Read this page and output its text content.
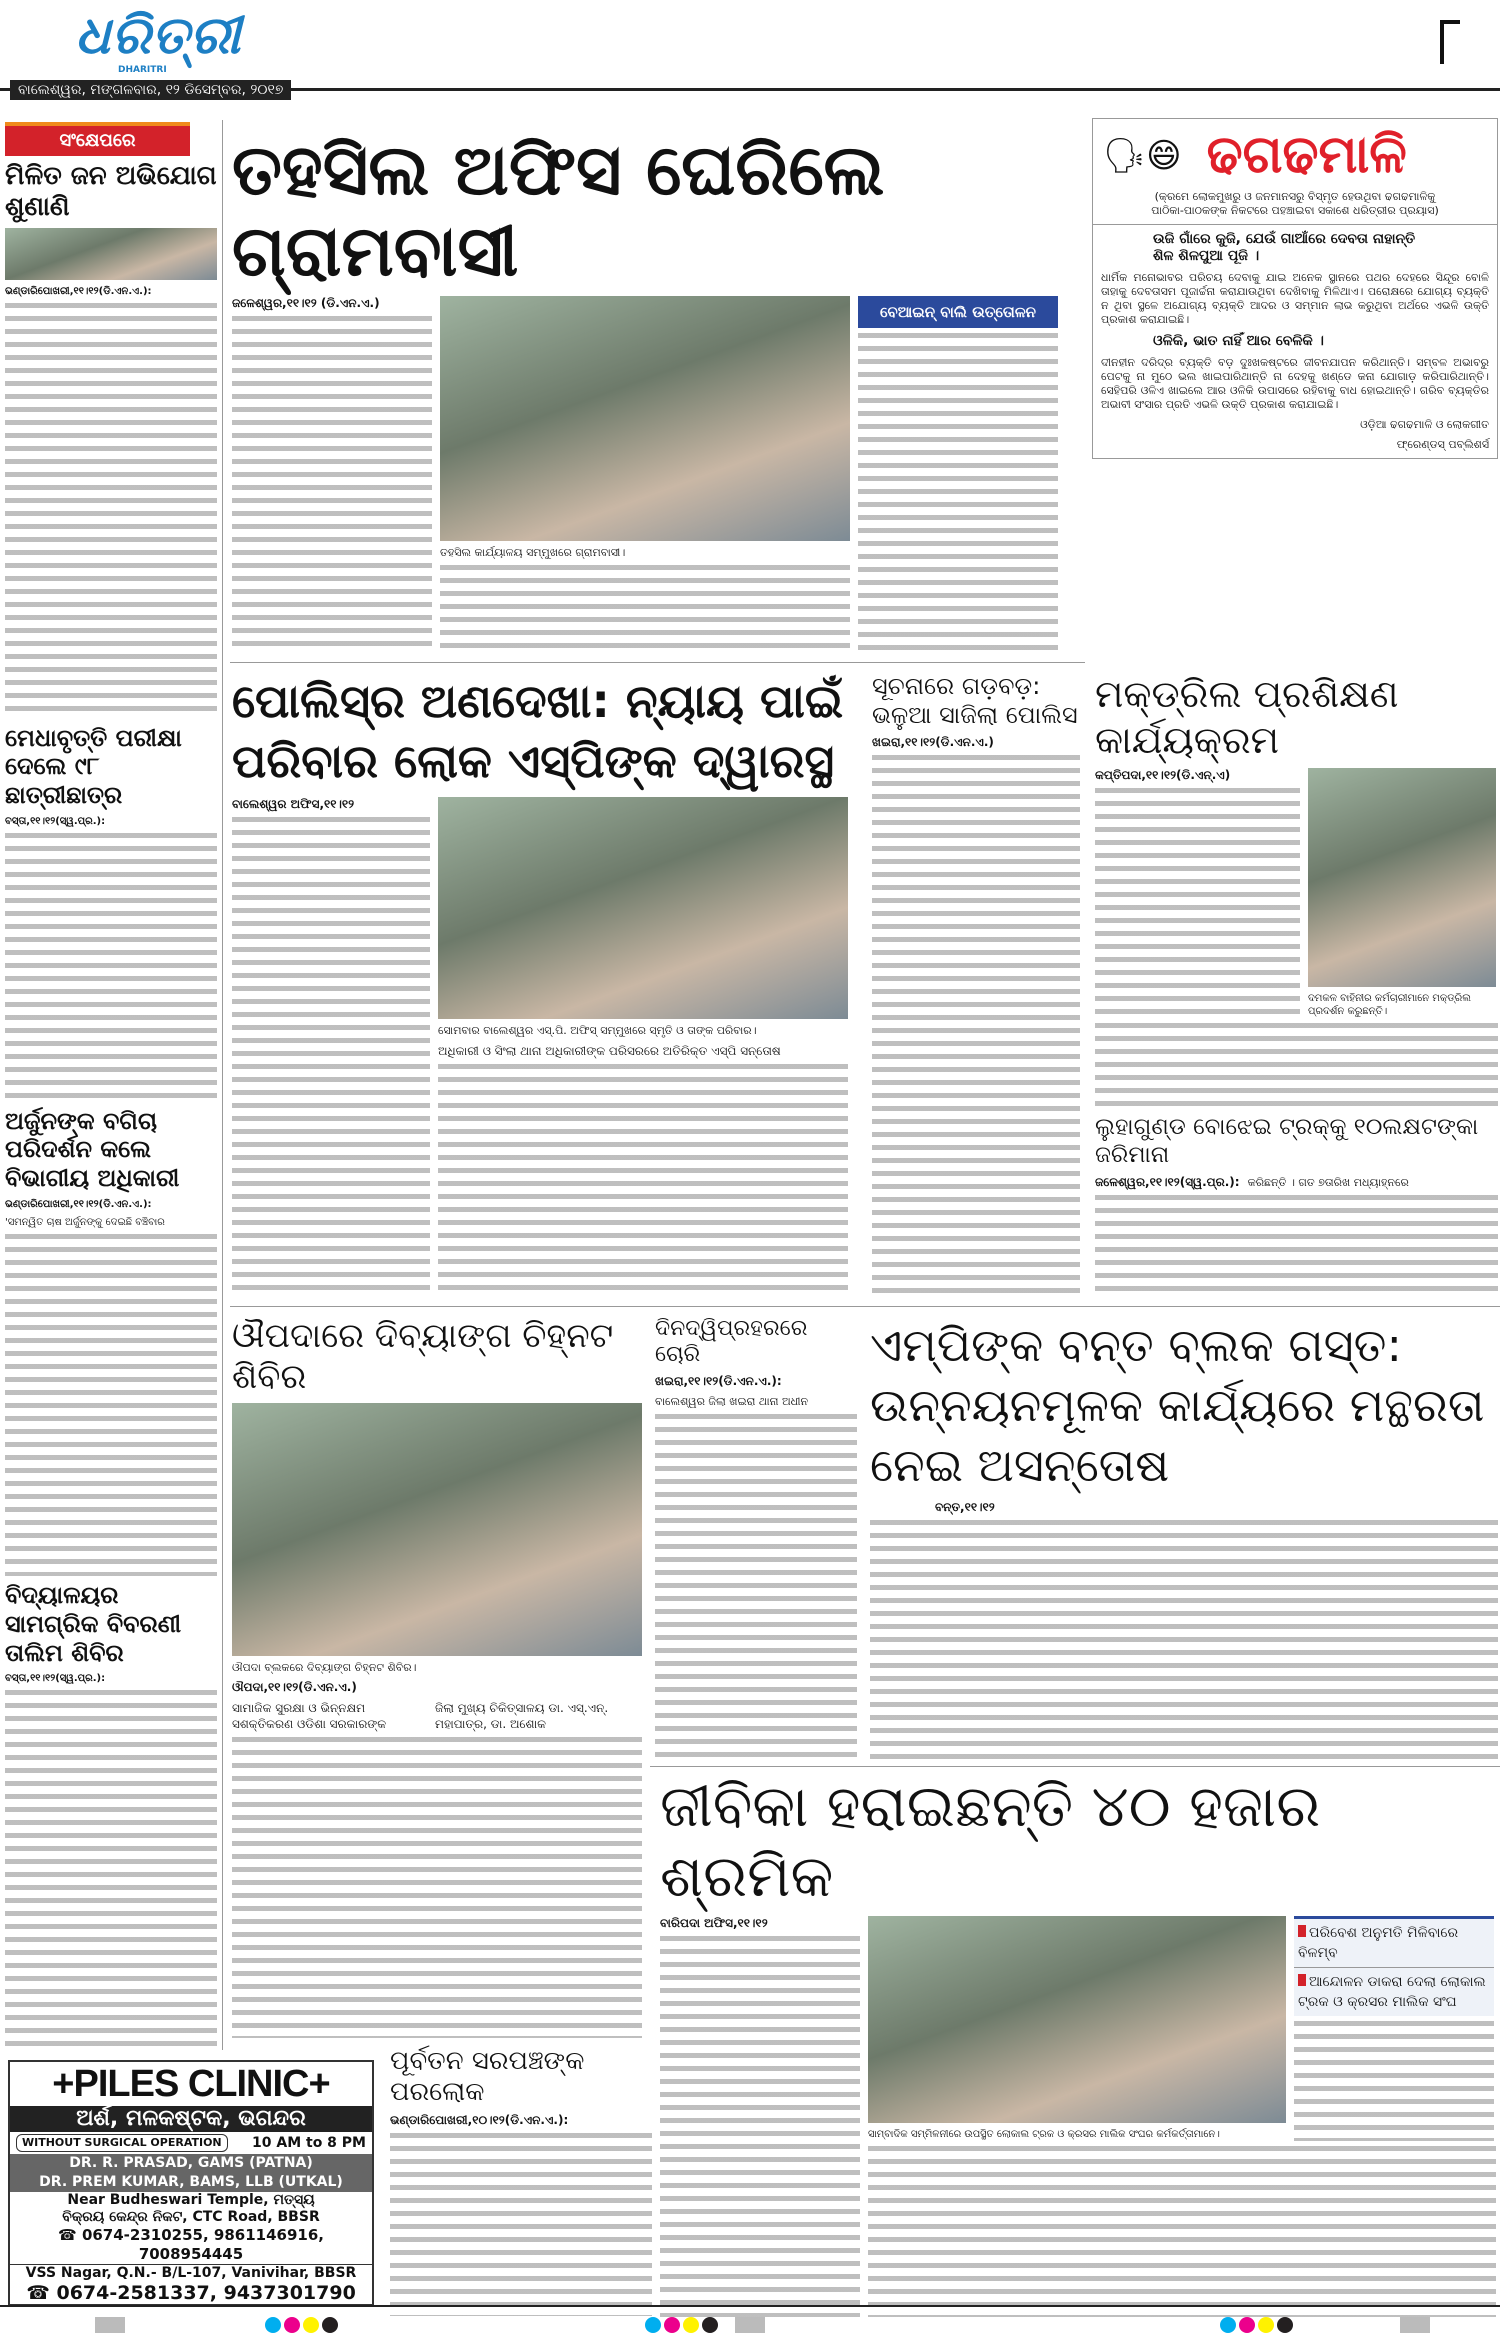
ଧରିତ୍ରୀ
DHARITRI
ବାଲେଶ୍ୱର, ମଙ୍ଗଳବାର, ୧୨ ଡିସେମ୍ବର, ୨୦୧୭
ସଂକ୍ଷେପରେ
ମିଳିତ ଜନ ଅଭିଯୋଗ ଶୁଣାଣି
ଭଣ୍ଡାରିପୋଖରୀ,୧୧।୧୨(ଡି.ଏନ.ଏ.):
ମେଧାବୃତ୍ତି ପରୀକ୍ଷା ଦେଲେ ୯୮ ଛାତ୍ରୀଛାତ୍ର
ବସ୍ତା,୧୧।୧୨(ସ୍ୱ.ପ୍ର.):
ଅର୍ଜୁନଙ୍କ ବଗିଚା ପରିଦର୍ଶନ କଲେ ବିଭାଗୀୟ ଅଧିକାରୀ
ଭଣ୍ଡାରିପୋଖରୀ,୧୧।୧୨(ଡି.ଏନ.ଏ.):
'ସମନ୍ୱିତ ଚାଷ ଅର୍ଜୁନଙ୍କୁ ଦେଇଛି ବଞ୍ଚିବାର
ବିଦ୍ୟାଳୟର ସାମଗ୍ରିକ ବିବରଣୀ ତାଲିମ ଶିବିର
ବସ୍ତା,୧୧।୧୨(ସ୍ୱ.ପ୍ର.):
ତହସିଲ ଅଫିସ ଘେରିଲେ ଗ୍ରାମବାସୀ
ଜଳେଶ୍ୱର,୧୧।୧୨ (ଡି.ଏନ.ଏ.)
ତହସିଲ କାର୍ଯ୍ୟାଳୟ ସମ୍ମୁଖରେ ଗ୍ରାମବାସୀ।
ବେଆଇନ୍ ବାଲି ଉତ୍ତୋଳନ
🗣😄 ଢଗଢମାଳି
(କ୍ରମେ ଲୋକମୁଖରୁ ଓ ଜନମାନସରୁ ବିସ୍ମୃତ ହେଉଥିବା ଢଗଢମାଳିକୁ ପାଠିକା-ପାଠକଙ୍କ ନିକଟରେ ପହଞ୍ଚାଇବା ସକାଶେ ଧରିତ୍ରୀର ପ୍ରୟାସ)
ଉଜି ଗାଁରେ କୁଜି, ଯେଉଁ ଗାଆଁରେ ଦେବତା ନାହାନ୍ତି ଶିଳ ଶିଳପୁଆ ପୂଜି ।
ଧାର୍ମିକ ମନୋଭାବର ପରିଚୟ ଦେବାକୁ ଯାଇ ଅନେକ ସ୍ଥାନରେ ପଥର ଦେହରେ ସିନ୍ଦୂର ବୋଳି ତାହାକୁ ଦେବତାସମ ପୂଜାର୍ଚ୍ଚନା କରାଯାଉଥିବା ଦେଖିବାକୁ ମିଳିଥାଏ। ପରୋକ୍ଷରେ ଯୋଗ୍ୟ ବ୍ୟକ୍ତି ନ ଥିବା ସ୍ଥଳେ ଅଯୋଗ୍ୟ ବ୍ୟକ୍ତି ଆଦର ଓ ସମ୍ମାନ ଲାଭ କରୁଥିବା ଅର୍ଥରେ ଏଭଳି ଉକ୍ତି ପ୍ରକାଶ କରାଯାଇଛି।
ଓଳିକି, ଭାତ ନାହିଁ ଆର ବେଳିକି ।
ଦୀନହୀନ ଦରିଦ୍ର ବ୍ୟକ୍ତି ବଡ଼ ଦୁଃଖକଷ୍ଟରେ ଜୀବନଯାପନ କରିଥାନ୍ତି। ସମ୍ବଳ ଅଭାବରୁ ପେଟକୁ ନା ମୁଠେ ଭଲ ଖାଇପାରିଥାନ୍ତି ନା ଦେହକୁ ଖଣ୍ଡେ କନା ଯୋଗାଡ଼ କରିପାରିଥାନ୍ତି। ସେହିପରି ଓଳିଏ ଖାଇଲେ ଆର ଓଳିକି ଉପାସରେ ରହିବାକୁ ବାଧ ହୋଇଥାନ୍ତି। ଗରିବ ବ୍ୟକ୍ତିର ଅଭାବୀ ସଂସାର ପ୍ରତି ଏଭଳି ଉକ୍ତି ପ୍ରକାଶ କରାଯାଇଛି।
ଓଡ଼ିଆ ଢଗଢମାଳି ଓ ଲୋକଗୀତ
ଫ୍ରେଣ୍ଡସ୍ ପବ୍ଲିଶର୍ସ
ପୋଲିସ୍‌ର ଅଣଦେଖା: ନ୍ୟାୟ ପାଇଁ ପରିବାର ଲୋକ ଏସ୍‌ପିଙ୍କ ଦ୍ୱାରସ୍ଥ
ବାଲେଶ୍ୱର ଅଫିସ,୧୧।୧୨
ସୋମବାର ବାଲେଶ୍ୱର ଏସ୍.ପି. ଅଫିସ୍ ସମ୍ମୁଖରେ ସ୍ମୃତି ଓ ତାଙ୍କ ପରିବାର।
ଅଧିକାରୀ ଓ ସିଂଲା ଥାନା ଅଧିକାରୀଙ୍କ ପରିସରରେ ଅତିରିକ୍ତ ଏସ୍‌ପି ସନ୍ତୋଷ
ସୂଚନାରେ ଗଡ଼ବଡ଼: ଭଳୁଆ ସାଜିଲା ପୋଲିସ
ଖଇରା,୧୧।୧୨(ଡି.ଏନ.ଏ.)
ମକ୍‌ଡ୍ରିଲ ପ୍ରଶିକ୍ଷଣ କାର୍ଯ୍ୟକ୍ରମ
କପ୍ତିପଦା,୧୧।୧୨(ଡି.ଏନ୍.ଏ)
ଦମକଳ ବାହିନୀର କର୍ମଚାରୀମାନେ ମକ୍‌ଡ୍ରିଲ ପ୍ରଦର୍ଶନ କରୁଛନ୍ତି।
ଲୁହାଗୁଣ୍ଡ ବୋଝେଇ ଟ୍ରକ୍‌କୁ ୧୦ଲକ୍ଷଟଙ୍କା ଜରିମାନା
ଜଳେଶ୍ୱର,୧୧।୧୨(ସ୍ୱ.ପ୍ର.): କରିଛନ୍ତି । ଗତ ୭ତାରିଖ ମଧ୍ୟାହ୍ନରେ
ଔପଦାରେ ଦିବ୍ୟାଙ୍ଗ ଚିହ୍ନଟ ଶିବିର
ଔପଦା ବ୍ଲକରେ ଦିବ୍ୟାଙ୍ଗ ଚିହ୍ନଟ ଶିବିର।
ଔପଦା,୧୧।୧୨(ଡି.ଏନ.ଏ.)
ସାମାଜିକ ସୁରକ୍ଷା ଓ ଭିନ୍ନକ୍ଷମ ସଶକ୍ତିକରଣ ଓଡିଶା ସରକାରଙ୍କ
ଜିଲା ମୁଖ୍ୟ ଚିକିତ୍ସାଳୟ ଡା. ଏସ୍.ଏନ୍. ମହାପାତ୍ର, ଡା. ଅଶୋକ
ଦିନଦ୍ୱିପ୍ରହରରେ ଚୋରି
ଖଇରା,୧୧।୧୨(ଡି.ଏନ.ଏ.):
ବାଲେଶ୍ୱର ଜିଲା ଖଇରା ଥାନା ଅଧୀନ
ଏମ୍‌ପିଙ୍କ ବନ୍ତ ବ୍ଲକ ଗସ୍ତ: ଉନ୍ନୟନମୂଳକ କାର୍ଯ୍ୟରେ ମନ୍ଥରତା ନେଇ ଅସନ୍ତୋଷ
ବନ୍ତ,୧୧।୧୨
ଜୀବିକା ହରାଇଛନ୍ତି ୪୦ ହଜାର ଶ୍ରମିକ
ବାରିପଦା ଅଫିସ,୧୧।୧୨
ସାମ୍ବାଦିକ ସମ୍ମିଳନୀରେ ଉପସ୍ଥିତ ଲୋକାଲ ଟ୍ରକ ଓ କ୍ରସର ମାଲିକ ସଂଘର କର୍ମକର୍ତ୍ତାମାନେ।
ପରିବେଶ ଅନୁମତି ମିଳିବାରେ ବିଳମ୍ବ
ଆନ୍ଦୋଳନ ଡାକରା ଦେଲା ଲୋକାଲ ଟ୍ରକ ଓ କ୍ରସର ମାଲିକ ସଂଘ
ପୂର୍ବତନ ସରପଞ୍ଚଙ୍କ ପରଲୋକ
ଭଣ୍ଡାରିପୋଖରୀ,୧୦।୧୨(ଡି.ଏନ.ଏ.):
+PILES CLINIC+
ଅର୍ଶ, ମଳକଷ୍ଟକ, ଭଗନ୍ଦର
WITHOUT SURGICAL OPERATION	10 AM to 8 PM
DR. R. PRASAD, GAMS (PATNA)
DR. PREM KUMAR, BAMS, LLB (UTKAL)
Near Budheswari Temple, ମତ୍ସ୍ୟ
ବିକ୍ରୟ କେନ୍ଦ୍ର ନିକଟ, CTC Road, BBSR
☎ 0674-2310255, 9861146916, 7008954445
VSS Nagar, Q.N.- B/L-107, Vanivihar, BBSR
☎ 0674-2581337, 9437301790
